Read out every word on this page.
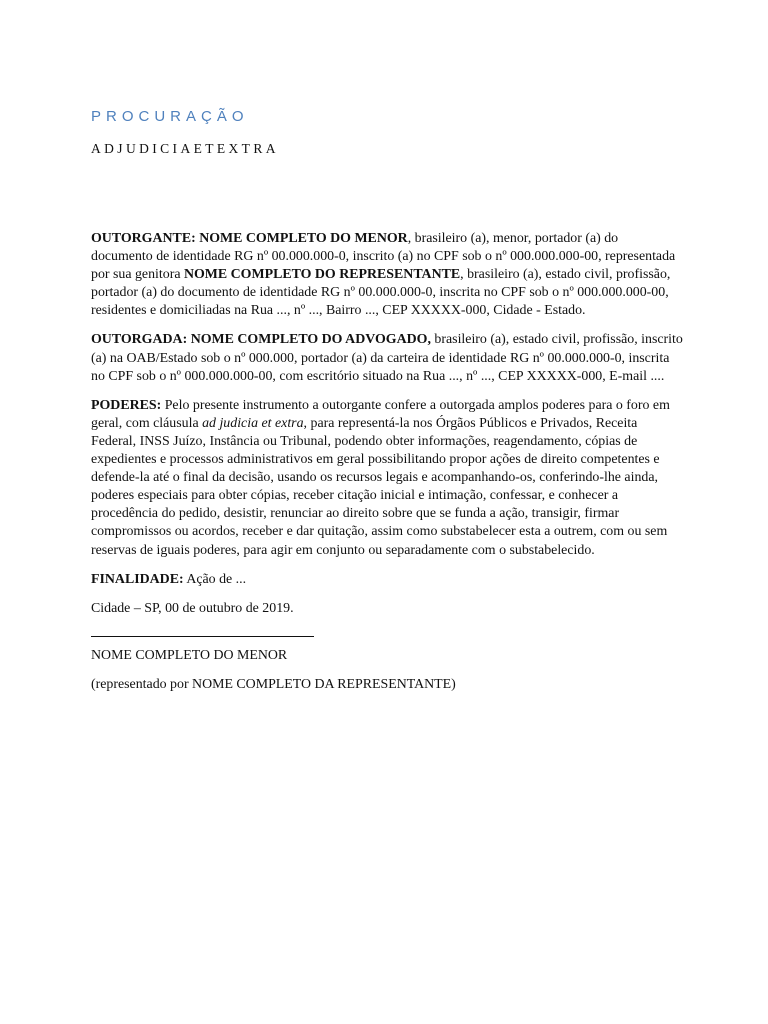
PROCURAÇÃO
ADJUDICIAETEXTRA

OUTORGANTE: NOME COMPLETO DO MENOR, brasileiro (a), menor, portador (a) do documento de identidade RG nº 00.000.000-0, inscrito (a) no CPF sob o nº 000.000.000-00, representada por sua genitora NOME COMPLETO DO REPRESENTANTE, brasileiro (a), estado civil, profissão, portador (a) do documento de identidade RG nº 00.000.000-0, inscrita no CPF sob o nº 000.000.000-00, residentes e domiciliadas na Rua ..., nº ..., Bairro ..., CEP XXXXX-000, Cidade - Estado.

OUTORGADA: NOME COMPLETO DO ADVOGADO, brasileiro (a), estado civil, profissão, inscrito (a) na OAB/Estado sob o nº 000.000, portador (a) da carteira de identidade RG nº 00.000.000-0, inscrita no CPF sob o nº 000.000.000-00, com escritório situado na Rua ..., nº ..., CEP XXXXX-000, E-mail ....

PODERES: Pelo presente instrumento a outorgante confere a outorgada amplos poderes para o foro em geral, com cláusula ad judicia et extra, para representá-la nos Órgãos Públicos e Privados, Receita Federal, INSS Juízo, Instância ou Tribunal, podendo obter informações, reagendamento, cópias de expedientes e processos administrativos em geral possibilitando propor ações de direito competentes e defende-la até o final da decisão, usando os recursos legais e acompanhando-os, conferindo-lhe ainda, poderes especiais para obter cópias, receber citação inicial e intimação, confessar, e conhecer a procedência do pedido, desistir, renunciar ao direito sobre que se funda a ação, transigir, firmar compromissos ou acordos, receber e dar quitação, assim como substabelecer esta a outrem, com ou sem reservas de iguais poderes, para agir em conjunto ou separadamente com o substabelecido.

FINALIDADE: Ação de ...

Cidade – SP, 00 de outubro de 2019.

NOME COMPLETO DO MENOR

(representado por NOME COMPLETO DA REPRESENTANTE)
